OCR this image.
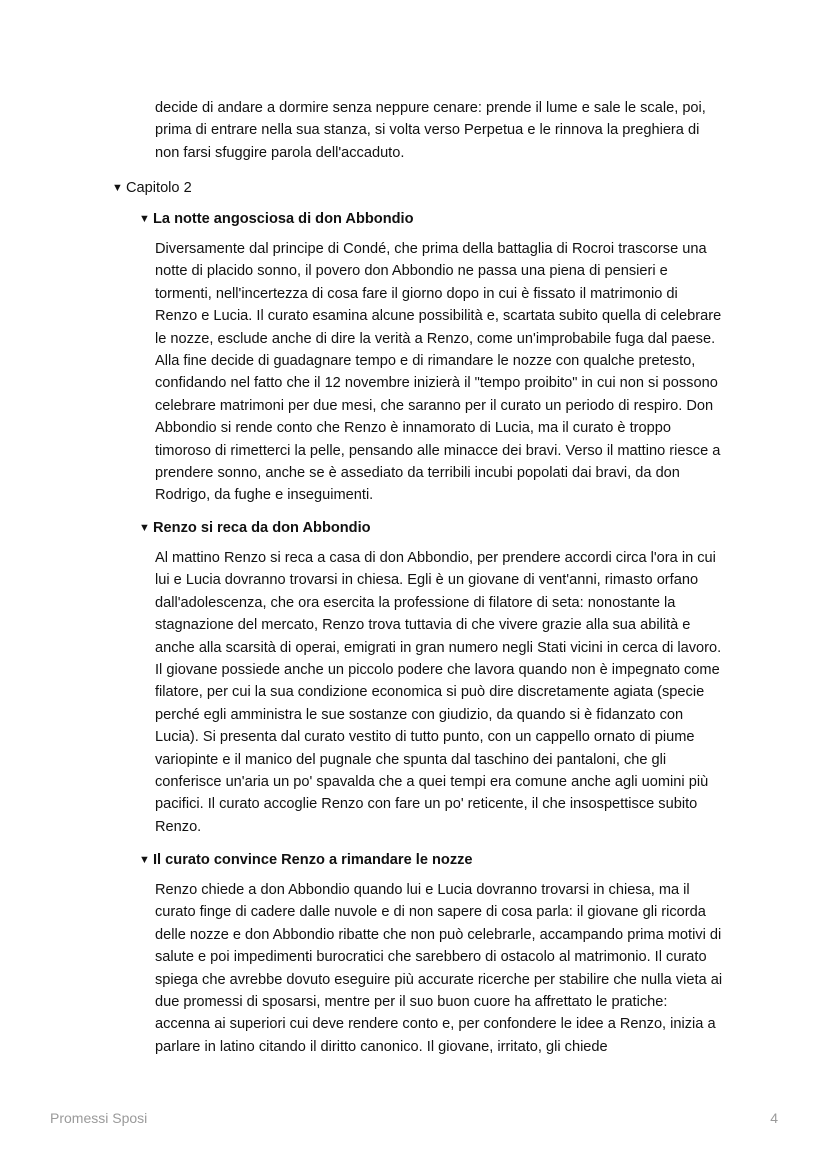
decide di andare a dormire senza neppure cenare: prende il lume e sale le scale, poi, prima di entrare nella sua stanza, si volta verso Perpetua e le rinnova la preghiera di non farsi sfuggire parola dell'accaduto.

▼ Capitolo 2
▼ La notte angosciosa di don Abbondio

Diversamente dal principe di Condé, che prima della battaglia di Rocroi trascorse una notte di placido sonno, il povero don Abbondio ne passa una piena di pensieri e tormenti, nell'incertezza di cosa fare il giorno dopo in cui è fissato il matrimonio di Renzo e Lucia. Il curato esamina alcune possibilità e, scartata subito quella di celebrare le nozze, esclude anche di dire la verità a Renzo, come un'improbabile fuga dal paese. Alla fine decide di guadagnare tempo e di rimandare le nozze con qualche pretesto, confidando nel fatto che il 12 novembre inizierà il "tempo proibito" in cui non si possono celebrare matrimoni per due mesi, che saranno per il curato un periodo di respiro. Don Abbondio si rende conto che Renzo è innamorato di Lucia, ma il curato è troppo timoroso di rimetterci la pelle, pensando alle minacce dei bravi. Verso il mattino riesce a prendere sonno, anche se è assediato da terribili incubi popolati dai bravi, da don Rodrigo, da fughe e inseguimenti.

▼ Renzo si reca da don Abbondio

Al mattino Renzo si reca a casa di don Abbondio, per prendere accordi circa l'ora in cui lui e Lucia dovranno trovarsi in chiesa. Egli è un giovane di vent'anni, rimasto orfano dall'adolescenza, che ora esercita la professione di filatore di seta: nonostante la stagnazione del mercato, Renzo trova tuttavia di che vivere grazie alla sua abilità e anche alla scarsità di operai, emigrati in gran numero negli Stati vicini in cerca di lavoro. Il giovane possiede anche un piccolo podere che lavora quando non è impegnato come filatore, per cui la sua condizione economica si può dire discretamente agiata (specie perché egli amministra le sue sostanze con giudizio, da quando si è fidanzato con Lucia). Si presenta dal curato vestito di tutto punto, con un cappello ornato di piume variopinte e il manico del pugnale che spunta dal taschino dei pantaloni, che gli conferisce un'aria un po' spavalda che a quei tempi era comune anche agli uomini più pacifici. Il curato accoglie Renzo con fare un po' reticente, il che insospettisce subito Renzo.

▼ Il curato convince Renzo a rimandare le nozze

Renzo chiede a don Abbondio quando lui e Lucia dovranno trovarsi in chiesa, ma il curato finge di cadere dalle nuvole e di non sapere di cosa parla: il giovane gli ricorda delle nozze e don Abbondio ribatte che non può celebrarle, accampando prima motivi di salute e poi impedimenti burocratici che sarebbero di ostacolo al matrimonio. Il curato spiega che avrebbe dovuto eseguire più accurate ricerche per stabilire che nulla vieta ai due promessi di sposarsi, mentre per il suo buon cuore ha affrettato le pratiche: accenna ai superiori cui deve rendere conto e, per confondere le idee a Renzo, inizia a parlare in latino citando il diritto canonico. Il giovane, irritato, gli chiede

Promessi Sposi	4
